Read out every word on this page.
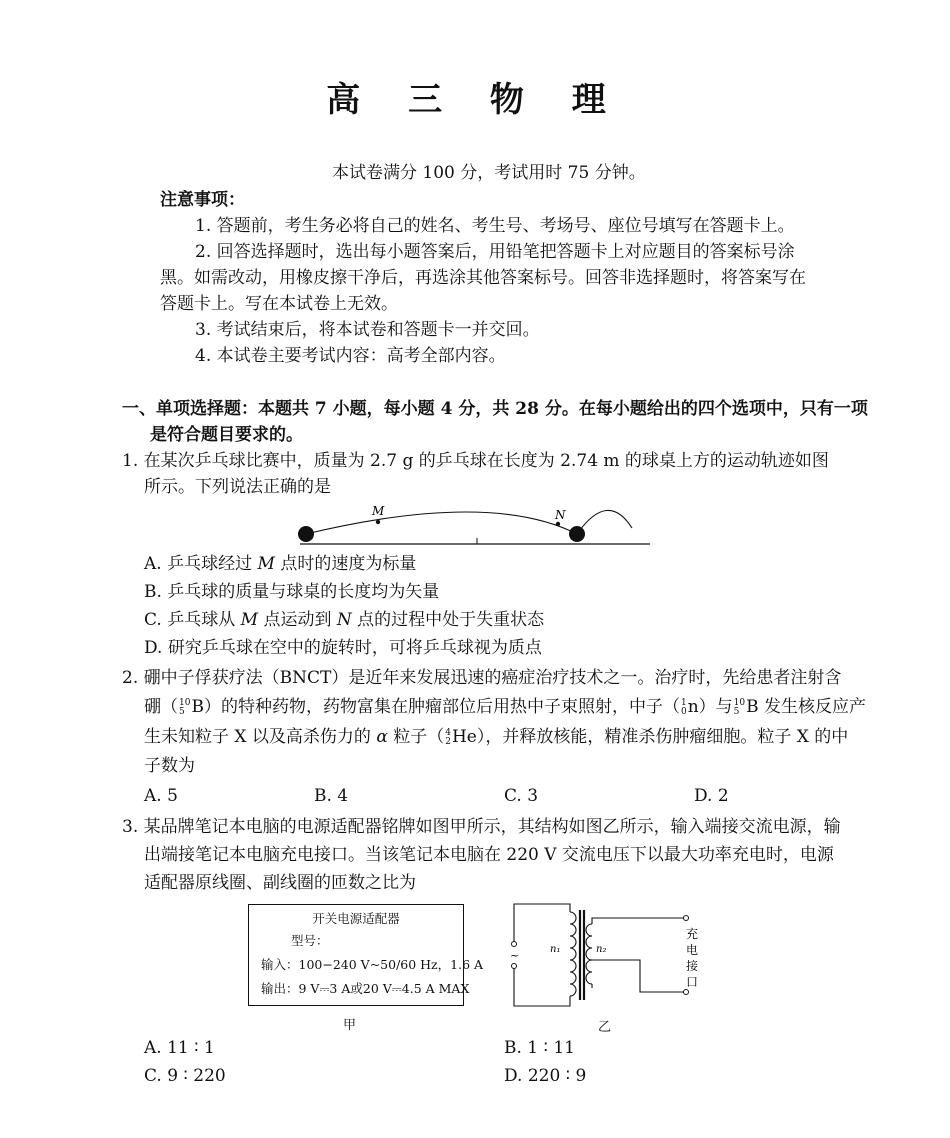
高 三 物 理
本试卷满分 100 分，考试用时 75 分钟。
注意事项：
1. 答题前，考生务必将自己的姓名、考生号、考场号、座位号填写在答题卡上。
2. 回答选择题时，选出每小题答案后，用铅笔把答题卡上对应题目的答案标号涂
黑。如需改动，用橡皮擦干净后，再选涂其他答案标号。回答非选择题时，将答案写在
答题卡上。写在本试卷上无效。
3. 考试结束后，将本试卷和答题卡一并交回。
4. 本试卷主要考试内容：高考全部内容。
一、单项选择题：本题共 7 小题，每小题 4 分，共 28 分。在每小题给出的四个选项中，只有一项
是符合题目要求的。
1. 在某次乒乓球比赛中，质量为 2.7 g 的乒乓球在长度为 2.74 m 的球桌上方的运动轨迹如图
所示。下列说法正确的是
M	N
A. 乒乓球经过 M 点时的速度为标量
B. 乒乓球的质量与球桌的长度均为矢量
C. 乒乓球从 M 点运动到 N 点的过程中处于失重状态
D. 研究乒乓球在空中的旋转时，可将乒乓球视为质点
2. 硼中子俘获疗法（BNCT）是近年来发展迅速的癌症治疗技术之一。治疗时，先给患者注射含
硼（ 10
5 B）的特种药物，药物富集在肿瘤部位后用热中子束照射，中子（ 1
0 n）与 10
5 B 发生核反应产
生未知粒子 X 以及高杀伤力的 α 粒子（ 4
2 He），并释放核能，精准杀伤肿瘤细胞。粒子 X 的中
子数为
A. 5	B. 4	C. 3	D. 2
3. 某品牌笔记本电脑的电源适配器铭牌如图甲所示，其结构如图乙所示，输入端接交流电源，输
出端接笔记本电脑充电接口。当该笔记本电脑在 220 V 交流电压下以最大功率充电时，电源
适配器原线圈、副线圈的匝数之比为
开关电源适配器
型号：
输入：100−240 V~50/60 Hz，1.6 A
输出：9 V⎓3 A或20 V⎓4.5 A MAX
甲
~	n₁	n₂
充
电
接
口
乙
A. 11 ∶ 1	B. 1 ∶ 11
C. 9 ∶ 220	D. 220 ∶ 9
